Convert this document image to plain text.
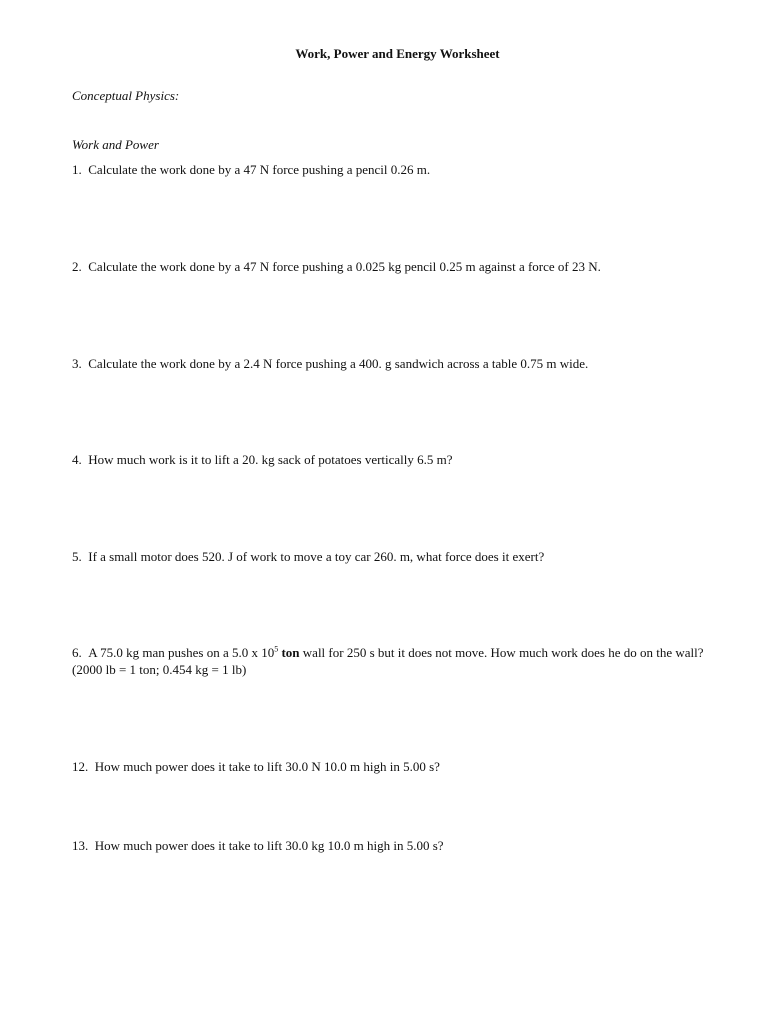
Work, Power and Energy Worksheet
Conceptual Physics:
Work and Power
1. Calculate the work done by a 47 N force pushing a pencil 0.26 m.
2. Calculate the work done by a 47 N force pushing a 0.025 kg pencil 0.25 m against a force of 23 N.
3. Calculate the work done by a 2.4 N force pushing a 400. g sandwich across a table 0.75 m wide.
4. How much work is it to lift a 20. kg sack of potatoes vertically 6.5 m?
5. If a small motor does 520. J of work to move a toy car 260. m, what force does it exert?
6. A 75.0 kg man pushes on a 5.0 x $10^5$ ton wall for 250 s but it does not move. How much work does he do on the wall? (2000 lb = 1 ton; 0.454 kg = 1 lb)
12. How much power does it take to lift 30.0 N 10.0 m high in 5.00 s?
13. How much power does it take to lift 30.0 kg 10.0 m high in 5.00 s?
